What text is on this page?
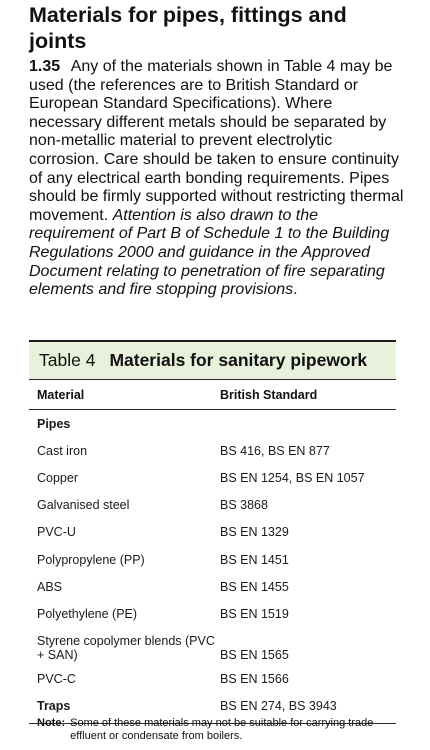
Materials for pipes, fittings and joints
1.35 Any of the materials shown in Table 4 may be used (the references are to British Standard or European Standard Specifications). Where necessary different metals should be separated by non-metallic material to prevent electrolytic corrosion. Care should be taken to ensure continuity of any electrical earth bonding requirements. Pipes should be firmly supported without restricting thermal movement. Attention is also drawn to the requirement of Part B of Schedule 1 to the Building Regulations 2000 and guidance in the Approved Document relating to penetration of fire separating elements and fire stopping provisions.
Table 4 Materials for sanitary pipework
Material	British Standard
Pipes
Cast iron	BS 416, BS EN 877
Copper	BS EN 1254, BS EN 1057
Galvanised steel	BS 3868
PVC-U	BS EN 1329
Polypropylene (PP)	BS EN 1451
ABS	BS EN 1455
Polyethylene (PE)	BS EN 1519
Styrene copolymer blends (PVC + SAN)	BS EN 1565
PVC-C	BS EN 1566
Traps	BS EN 274, BS 3943
Note: Some of these materials may not be suitable for carrying trade effluent or condensate from boilers.
